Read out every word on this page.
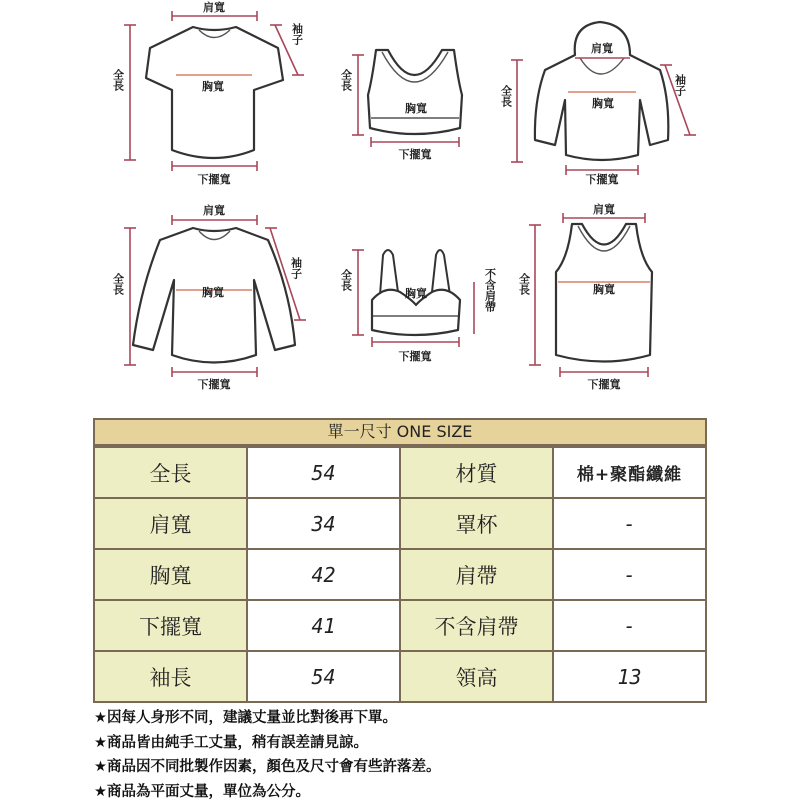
肩寬
全長
袖子
胸寬
下擺寬
全長
胸寬
下擺寬
肩寬
全長	袖子
胸寬
下擺寬
肩寬
全長
袖子
胸寬
下擺寬
全長
胸寬	不含肩帶
下擺寬
肩寬
全長	胸寬
下擺寬
單一尺寸 ONE SIZE
全長	54	材質	棉+聚酯纖維
肩寬	34	罩杯	-
胸寬	42	肩帶	-
下擺寬	41	不含肩帶	-
袖長	54	領高	13
★因每人身形不同，建議丈量並比對後再下單。
★商品皆由純手工丈量，稍有誤差請見諒。
★商品因不同批製作因素，顏色及尺寸會有些許落差。
★商品為平面丈量，單位為公分。
